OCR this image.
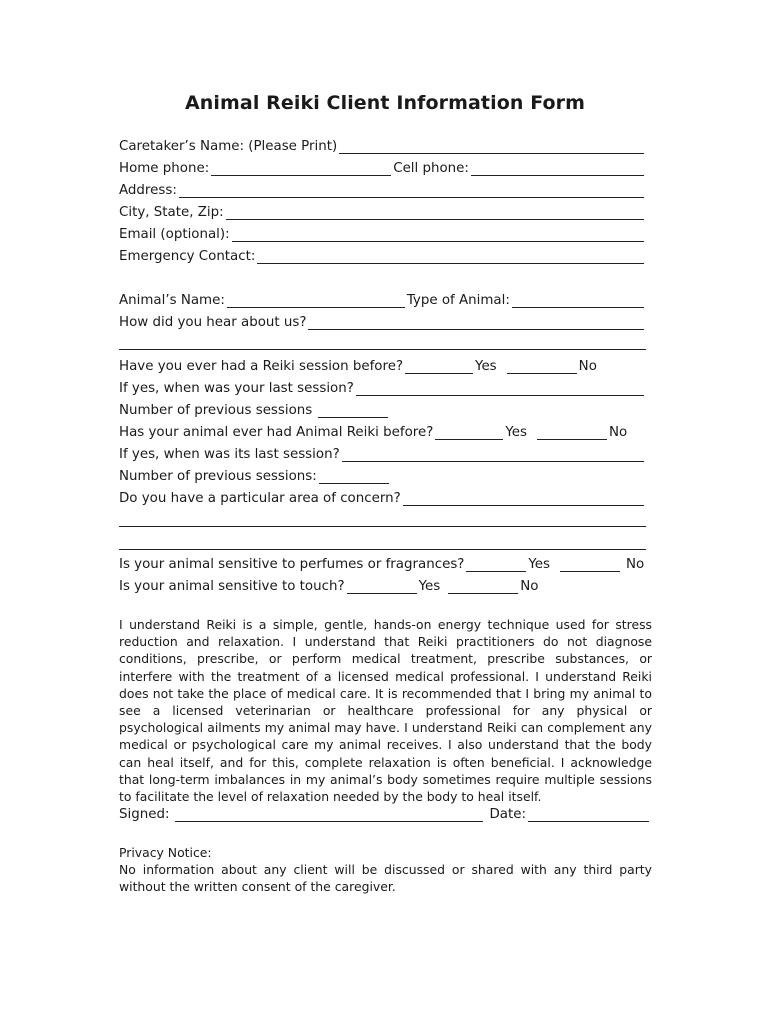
Animal Reiki Client Information Form
Caretaker’s Name: (Please Print)
Home phone:	Cell phone:
Address:
City, State, Zip:
Email (optional):
Emergency Contact:
Animal’s Name:	Type of Animal:
How did you hear about us?
Have you ever had a Reiki session before?	Yes	No
If yes, when was your last session?
Number of previous sessions
Has your animal ever had Animal Reiki before?	Yes	No
If yes, when was its last session?
Number of previous sessions:
Do you have a particular area of concern?
Is your animal sensitive to perfumes or fragrances?	Yes	No
Is your animal sensitive to touch?	Yes	No
I understand Reiki is a simple, gentle, hands-on energy technique used for stress reduction and relaxation. I understand that Reiki practitioners do not diagnose conditions, prescribe, or perform medical treatment, prescribe substances, or interfere with the treatment of a licensed medical professional. I understand Reiki does not take the place of medical care. It is recommended that I bring my animal to see a licensed veterinarian or healthcare professional for any physical or psychological ailments my animal may have. I understand Reiki can complement any medical or psychological care my animal receives. I also understand that the body can heal itself, and for this, complete relaxation is often beneficial. I acknowledge that long-term imbalances in my animal’s body sometimes require multiple sessions to facilitate the level of relaxation needed by the body to heal itself.
Signed:	Date:
Privacy Notice:
No information about any client will be discussed or shared with any third party without the written consent of the caregiver.
